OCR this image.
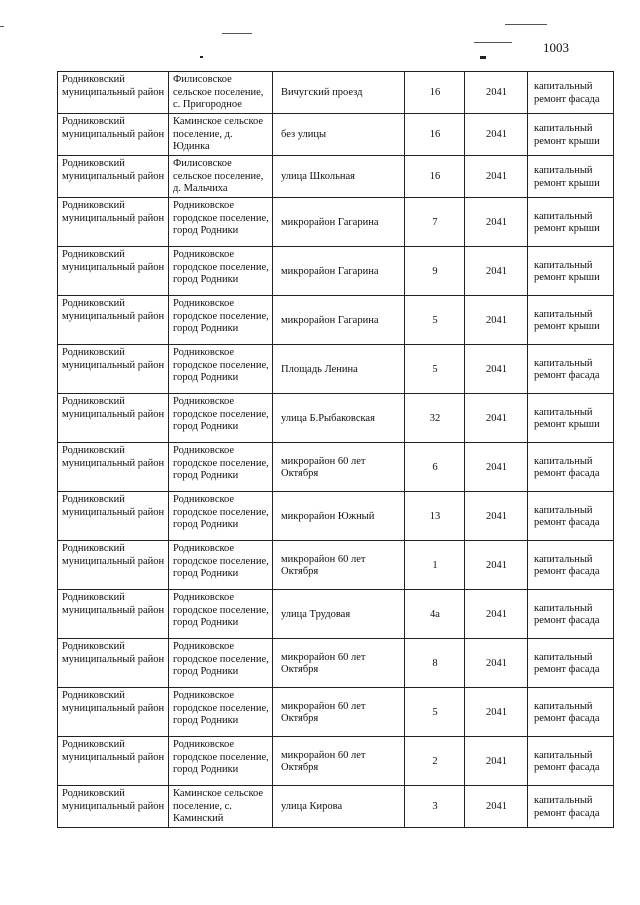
1003
Родниковский муниципальный район	Филисовское сельское поселение, с. Пригородное	Вичугский проезд	16	2041	капитальный ремонт фасада
Родниковский муниципальный район	Каминское сельское поселение, д. Юдинка	без улицы	16	2041	капитальный ремонт крыши
Родниковский муниципальный район	Филисовское сельское поселение, д. Мальчиха	улица Школьная	16	2041	капитальный ремонт крыши
Родниковский муниципальный район	Родниковское городское поселение, город Родники	микрорайон Гагарина	7	2041	капитальный ремонт крыши
Родниковский муниципальный район	Родниковское городское поселение, город Родники	микрорайон Гагарина	9	2041	капитальный ремонт крыши
Родниковский муниципальный район	Родниковское городское поселение, город Родники	микрорайон Гагарина	5	2041	капитальный ремонт крыши
Родниковский муниципальный район	Родниковское городское поселение, город Родники	Площадь Ленина	5	2041	капитальный ремонт фасада
Родниковский муниципальный район	Родниковское городское поселение, город Родники	улица Б.Рыбаковская	32	2041	капитальный ремонт крыши
Родниковский муниципальный район	Родниковское городское поселение, город Родники	микрорайон 60 лет Октября	6	2041	капитальный ремонт фасада
Родниковский муниципальный район	Родниковское городское поселение, город Родники	микрорайон Южный	13	2041	капитальный ремонт фасада
Родниковский муниципальный район	Родниковское городское поселение, город Родники	микрорайон 60 лет Октября	1	2041	капитальный ремонт фасада
Родниковский муниципальный район	Родниковское городское поселение, город Родники	улица Трудовая	4а	2041	капитальный ремонт фасада
Родниковский муниципальный район	Родниковское городское поселение, город Родники	микрорайон 60 лет Октября	8	2041	капитальный ремонт фасада
Родниковский муниципальный район	Родниковское городское поселение, город Родники	микрорайон 60 лет Октября	5	2041	капитальный ремонт фасада
Родниковский муниципальный район	Родниковское городское поселение, город Родники	микрорайон 60 лет Октября	2	2041	капитальный ремонт фасада
Родниковский муниципальный район	Каминское сельское поселение, с. Каминский	улица Кирова	3	2041	капитальный ремонт фасада
